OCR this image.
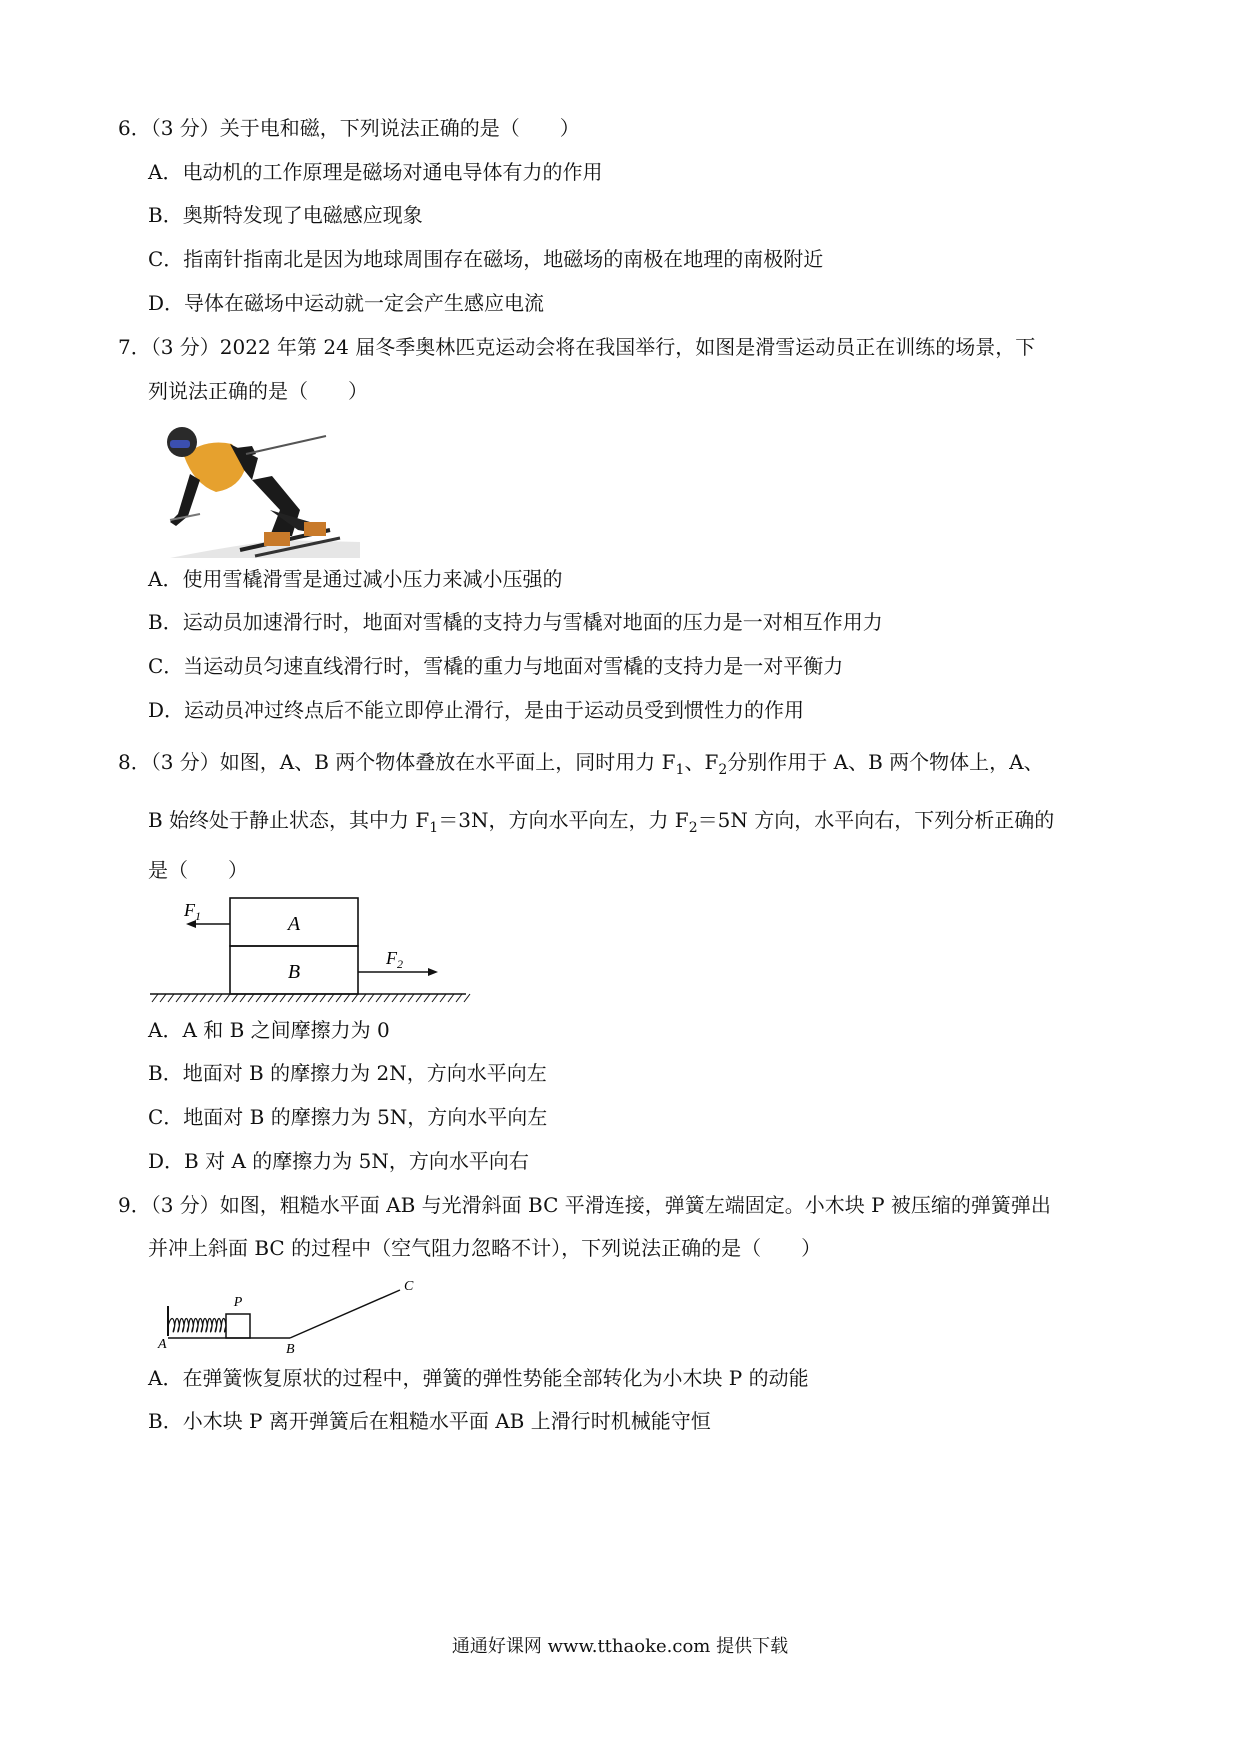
6．（3 分）关于电和磁，下列说法正确的是（　　）
A．电动机的工作原理是磁场对通电导体有力的作用
B．奥斯特发现了电磁感应现象
C．指南针指南北是因为地球周围存在磁场，地磁场的南极在地理的南极附近
D．导体在磁场中运动就一定会产生感应电流
7．（3 分）2022 年第 24 届冬季奥林匹克运动会将在我国举行，如图是滑雪运动员正在训练的场景，下
列说法正确的是（　　）
A．使用雪橇滑雪是通过减小压力来减小压强的
B．运动员加速滑行时，地面对雪橇的支持力与雪橇对地面的压力是一对相互作用力
C．当运动员匀速直线滑行时，雪橇的重力与地面对雪橇的支持力是一对平衡力
D．运动员冲过终点后不能立即停止滑行，是由于运动员受到惯性力的作用
8．（3 分）如图，A、B 两个物体叠放在水平面上，同时用力 $F_1$、$F_2$分别作用于 A、B 两个物体上，A、
B 始终处于静止状态，其中力 $F_1=3N$，方向水平向左，力 $F_2=5N$ 方向，水平向右，下列分析正确的
是（　　）
A
B
$F_1$
$F_2$
A．A 和 B 之间摩擦力为 0
B．地面对 B 的摩擦力为 2N，方向水平向左
C．地面对 B 的摩擦力为 5N，方向水平向左
D．B 对 A 的摩擦力为 5N，方向水平向右
9．（3 分）如图，粗糙水平面 AB 与光滑斜面 BC 平滑连接，弹簧左端固定。小木块 P 被压缩的弹簧弹出
并冲上斜面 BC 的过程中（空气阻力忽略不计），下列说法正确的是（　　）
P
A	B
C
A．在弹簧恢复原状的过程中，弹簧的弹性势能全部转化为小木块 P 的动能
B．小木块 P 离开弹簧后在粗糙水平面 AB 上滑行时机械能守恒
通通好课网 www.tthaoke.com 提供下载
